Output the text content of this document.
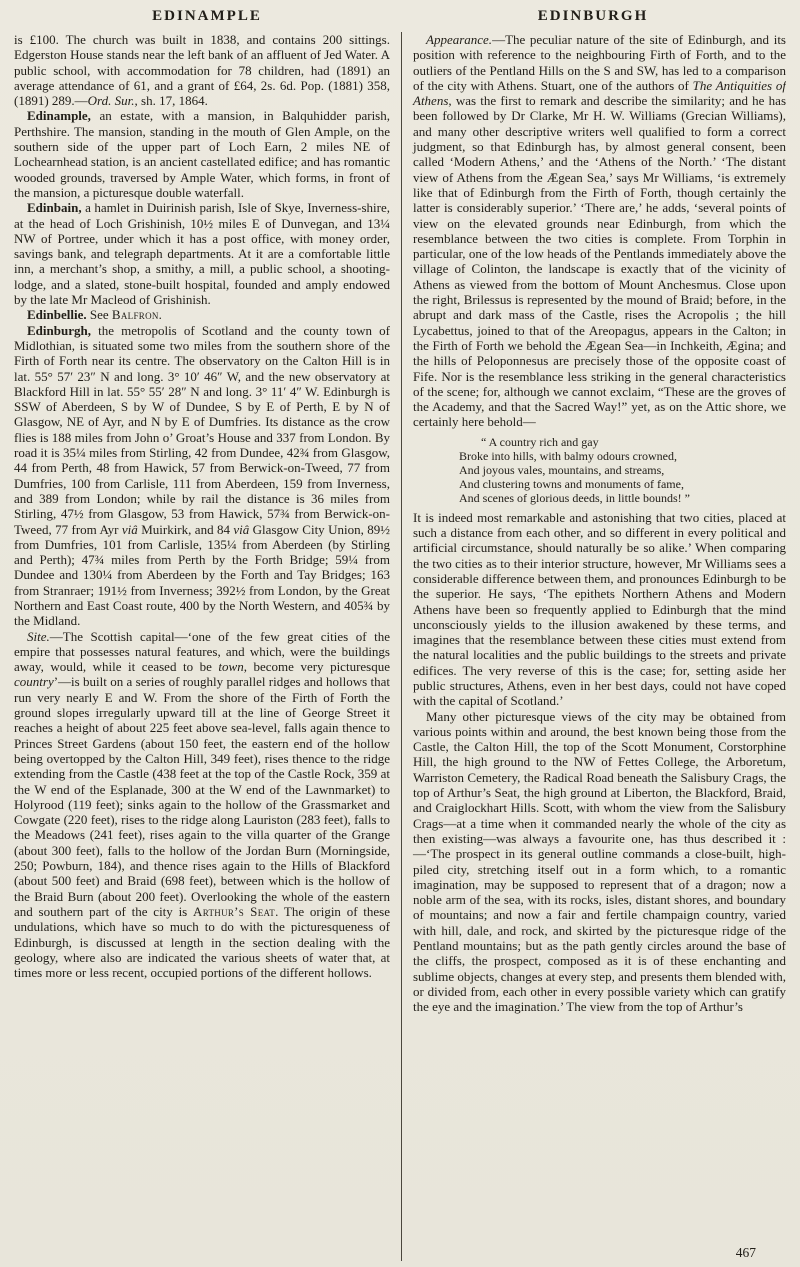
EDINAMPLE	EDINBURGH

is £100. The church was built in 1838, and contains 200 sittings. Edgerston House stands near the left bank of an affluent of Jed Water. A public school, with accommodation for 78 children, had (1891) an average attendance of 61, and a grant of £64, 2s. 6d. Pop. (1881) 358, (1891) 289.—Ord. Sur., sh. 17, 1864.

Edinample, an estate, with a mansion, in Balquhidder parish, Perthshire. The mansion, standing in the mouth of Glen Ample, on the southern side of the upper part of Loch Earn, 2 miles NE of Lochearnhead station, is an ancient castellated edifice; and has romantic wooded grounds, traversed by Ample Water, which forms, in front of the mansion, a picturesque double waterfall.

Edinbain, a hamlet in Duirinish parish, Isle of Skye, Inverness-shire, at the head of Loch Grishinish, 10½ miles E of Dunvegan, and 13¼ NW of Portree, under which it has a post office, with money order, savings bank, and telegraph departments. At it are a comfortable little inn, a merchant’s shop, a smithy, a mill, a public school, a shooting-lodge, and a slated, stone-built hospital, founded and amply endowed by the late Mr Macleod of Grishinish.

Edinbellie. See Balfron.

Edinburgh, the metropolis of Scotland and the county town of Midlothian, is situated some two miles from the southern shore of the Firth of Forth near its centre. The observatory on the Calton Hill is in lat. 55° 57′ 23″ N and long. 3° 10′ 46″ W, and the new observatory at Blackford Hill in lat. 55° 55′ 28″ N and long. 3° 11′ 4″ W. Edinburgh is SSW of Aberdeen, S by W of Dundee, S by E of Perth, E by N of Glasgow, NE of Ayr, and N by E of Dumfries. Its distance as the crow flies is 188 miles from John o’ Groat’s House and 337 from London. By road it is 35¼ miles from Stirling, 42 from Dundee, 42¾ from Glasgow, 44 from Perth, 48 from Hawick, 57 from Berwick-on-Tweed, 77 from Dumfries, 100 from Carlisle, 111 from Aberdeen, 159 from Inverness, and 389 from London; while by rail the distance is 36 miles from Stirling, 47½ from Glasgow, 53 from Hawick, 57¾ from Berwick-on-Tweed, 77 from Ayr viâ Muirkirk, and 84 viâ Glasgow City Union, 89½ from Dumfries, 101 from Carlisle, 135¼ from Aberdeen (by Stirling and Perth); 47¾ miles from Perth by the Forth Bridge; 59¼ from Dundee and 130¼ from Aberdeen by the Forth and Tay Bridges; 163 from Stranraer; 191½ from Inverness; 392½ from London, by the Great Northern and East Coast route, 400 by the North Western, and 405¾ by the Midland.

Site.—The Scottish capital—‘one of the few great cities of the empire that possesses natural features, and which, were the buildings away, would, while it ceased to be town, become very picturesque country’—is built on a series of roughly parallel ridges and hollows that run very nearly E and W. From the shore of the Firth of Forth the ground slopes irregularly upward till at the line of George Street it reaches a height of about 225 feet above sea-level, falls again thence to Princes Street Gardens (about 150 feet, the eastern end of the hollow being overtopped by the Calton Hill, 349 feet), rises thence to the ridge extending from the Castle (438 feet at the top of the Castle Rock, 359 at the W end of the Esplanade, 300 at the W end of the Lawnmarket) to Holyrood (119 feet); sinks again to the hollow of the Grassmarket and Cowgate (220 feet), rises to the ridge along Lauriston (283 feet), falls to the Meadows (241 feet), rises again to the villa quarter of the Grange (about 300 feet), falls to the hollow of the Jordan Burn (Morningside, 250; Powburn, 184), and thence rises again to the Hills of Blackford (about 500 feet) and Braid (698 feet), between which is the hollow of the Braid Burn (about 200 feet). Overlooking the whole of the eastern and southern part of the city is Arthur’s Seat. The origin of these undulations, which have so much to do with the picturesqueness of Edinburgh, is discussed at length in the section dealing with the geology, where also are indicated the various sheets of water that, at times more or less recent, occupied portions of the different hollows.

Appearance.—The peculiar nature of the site of Edinburgh, and its position with reference to the neighbouring Firth of Forth, and to the outliers of the Pentland Hills on the S and SW, has led to a comparison of the city with Athens. Stuart, one of the authors of The Antiquities of Athens, was the first to remark and describe the similarity; and he has been followed by Dr Clarke, Mr H. W. Williams (Grecian Williams), and many other descriptive writers well qualified to form a correct judgment, so that Edinburgh has, by almost general consent, been called ‘Modern Athens,’ and the ‘Athens of the North.’ ‘The distant view of Athens from the Ægean Sea,’ says Mr Williams, ‘is extremely like that of Edinburgh from the Firth of Forth, though certainly the latter is considerably superior.’ ‘There are,’ he adds, ‘several points of view on the elevated grounds near Edinburgh, from which the resemblance between the two cities is complete. From Torphin in particular, one of the low heads of the Pentlands immediately above the village of Colinton, the landscape is exactly that of the vicinity of Athens as viewed from the bottom of Mount Anchesmus. Close upon the right, Brilessus is represented by the mound of Braid; before, in the abrupt and dark mass of the Castle, rises the Acropolis ; the hill Lycabettus, joined to that of the Areopagus, appears in the Calton; in the Firth of Forth we behold the Ægean Sea—in Inchkeith, Ægina; and the hills of Peloponnesus are precisely those of the opposite coast of Fife. Nor is the resemblance less striking in the general characteristics of the scene; for, although we cannot exclaim, “These are the groves of the Academy, and that the Sacred Way!” yet, as on the Attic shore, we certainly here behold—

“ A country rich and gay
Broke into hills, with balmy odours crowned,
And joyous vales, mountains, and streams,
And clustering towns and monuments of fame,
And scenes of glorious deeds, in little bounds! ”

It is indeed most remarkable and astonishing that two cities, placed at such a distance from each other, and so different in every political and artificial circumstance, should naturally be so alike.’ When comparing the two cities as to their interior structure, however, Mr Williams sees a considerable difference between them, and pronounces Edinburgh to be the superior. He says, ‘The epithets Northern Athens and Modern Athens have been so frequently applied to Edinburgh that the mind unconsciously yields to the illusion awakened by these terms, and imagines that the resemblance between these cities must extend from the natural localities and the public buildings to the streets and private edifices. The very reverse of this is the case; for, setting aside her public structures, Athens, even in her best days, could not have coped with the capital of Scotland.’

Many other picturesque views of the city may be obtained from various points within and around, the best known being those from the Castle, the Calton Hill, the top of the Scott Monument, Corstorphine Hill, the high ground to the NW of Fettes College, the Arboretum, Warriston Cemetery, the Radical Road beneath the Salisbury Crags, the top of Arthur’s Seat, the high ground at Liberton, the Blackford, Braid, and Craiglockhart Hills. Scott, with whom the view from the Salisbury Crags—at a time when it commanded nearly the whole of the city as then existing—was always a favourite one, has thus described it :—‘The prospect in its general outline commands a close-built, high-piled city, stretching itself out in a form which, to a romantic imagination, may be supposed to represent that of a dragon; now a noble arm of the sea, with its rocks, isles, distant shores, and boundary of mountains; and now a fair and fertile champaign country, varied with hill, dale, and rock, and skirted by the picturesque ridge of the Pentland mountains; but as the path gently circles around the base of the cliffs, the prospect, composed as it is of these enchanting and sublime objects, changes at every step, and presents them blended with, or divided from, each other in every possible variety which can gratify the eye and the imagination.’ The view from the top of Arthur’s

467
